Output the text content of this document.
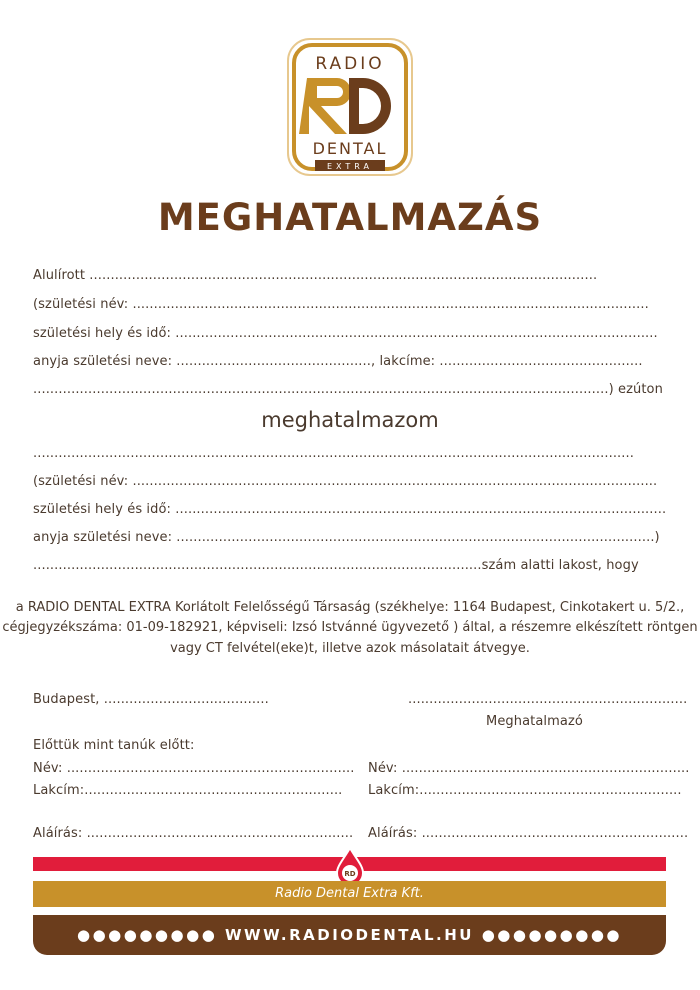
RADIO
DENTAL
EXTRA
MEGHATALMAZÁS
Alulírott ........................................................................................................................
(születési név: ..........................................................................................................................
születési hely és idő: ..................................................................................................................
anyja születési neve: .............................................., lakcíme: ................................................
........................................................................................................................................) ezúton
meghatalmazom
..............................................................................................................................................
(születési név: ............................................................................................................................
születési hely és idő: ....................................................................................................................
anyja születési neve: .................................................................................................................)
..........................................................................................................szám alatti lakost, hogy
a RADIO DENTAL EXTRA Korlátolt Felelősségű Társaság (székhelye: 1164 Budapest, Cinkotakert u. 5/2.,
cégjegyzékszáma: 01-09-182921, képviseli: Izsó Istvánné ügyvezető ) által, a részemre elkészített röntgen
vagy CT felvétel(eke)t, illetve azok másolatait átvegye.
Budapest, .......................................	..................................................................
Meghatalmazó
Előttük mint tanúk előtt:
Név: .................................................................... Név: ....................................................................
Lakcím:............................................................. Lakcím:..............................................................
Aláírás: ............................................................... Aláírás: ...............................................................
RD
Radio Dental Extra Kft.
●●●●●●●●● WWW.RADIODENTAL.HU ●●●●●●●●●
